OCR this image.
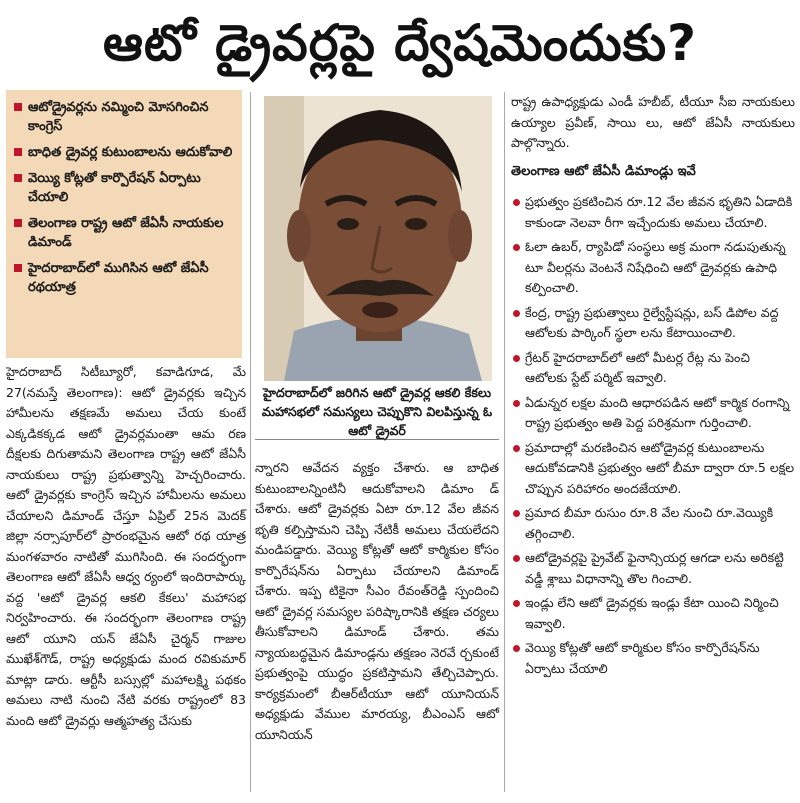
ఆటో డ్రైవర్లపై ద్వేషమెందుకు?
ఆటోడ్రైవర్లను నమ్మించి మోసగించిన కాంగ్రెస్
బాధిత డ్రైవర్ల కుటుంబాలను ఆదుకోవాలి
వెయ్యి కోట్లతో కార్పొరేషన్ ఏర్పాటు చేయాలి
తెలంగాణ రాష్ట్ర ఆటో జేఏసీ నాయకుల డిమాండ్
హైదరాబాద్‌లో ముగిసిన ఆటో జేఏసీ రథయాత్ర
హైదరాబాద్‌లో జరిగిన ఆటో డ్రైవర్ల ఆకలి కేకలు మహాసభలో సమస్యలు చెప్పుకొని విలపిస్తున్న ఓ ఆటో డ్రైవర్
హైదరాబాద్ సిటీబ్యూరో, కవాడిగూడ, మే 27(నమస్తే తెలంగాణ): ఆటో డ్రైవర్లకు ఇచ్చిన హామీలను తక్షణమే అమలు చేయ కుంటే ఎక్కడికక్కడ ఆటో డ్రైవర్లమంతా ఆమ రణ దీక్షలకు దిగుతామని తెలంగాణ రాష్ట్ర ఆటో జేఏసీ నాయకులు రాష్ట్ర ప్రభుత్వాన్ని హెచ్చరించారు. ఆటో డ్రైవర్లకు కాంగ్రెస్ ఇచ్చిన హామీలను అమలు చేయాలని డిమాండ్ చేస్తూ ఏప్రిల్ 25న మెదక్ జిల్లా నర్సాపూర్‌లో ప్రారంభమైన ఆటో రథ యాత్ర మంగళవారం నాటితో ముగిసింది. ఈ సందర్భంగా తెలంగాణ ఆటో జేఏసీ ఆధ్వ ర్యంలో ఇందిరాపార్కు వద్ద 'ఆటో డ్రైవర్ల ఆకలి కేకలు' మహాసభ నిర్వహించారు. ఈ సందర్భంగా తెలంగాణ రాష్ట్ర ఆటో యూని యన్ జేఏసీ చైర్మన్ గాజుల ముఖేశ్‌గౌడ్, రాష్ట్ర అధ్యక్షుడు మంద రవికుమార్ మాట్లా డారు. ఆర్టీసీ బస్సుల్లో మహాలక్ష్మి పథకం అమలు నాటి నుంచి నేటి వరకు రాష్ట్రంలో 83 మంది ఆటో డ్రైవర్లు ఆత్మహత్య చేసుకు
న్నారని ఆవేదన వ్యక్తం చేశారు. ఆ బాధిత కుటుంబాలన్నింటినీ ఆదుకోవాలని డిమాం డ్ చేశారు. ఆటో డ్రైవర్లకు ఏటా రూ.12 వేల జీవన భృతి కల్పిస్తామని చెప్పి నేటికీ అమలు చేయలేదని మండిపడ్డారు. వెయ్యి కోట్లతో ఆటో కార్మికుల కోసం కార్పొరేషన్‌ను ఏర్పాటు చేయాలని డిమాండ్ చేశారు. ఇప్ప టికైనా సీఎం రేవంత్‌రెడ్డి స్పందించి ఆటో డ్రైవర్ల సమస్యల పరిష్కారానికి తక్షణ చర్యలు తీసుకోవాలని డిమాండ్ చేశారు. తమ న్యాయబద్ధమైన డిమాండ్లను తక్షణం నెరవే ర్చకుంటే ప్రభుత్వంపై యుద్ధం ప్రకటిస్తామని తేల్చిచెప్పారు. కార్యక్రమంలో బీఆర్‌టీయూ ఆటో యూనియన్ అధ్యక్షుడు వేముల మారయ్య, బీఎంఎస్ ఆటో యూనియన్
రాష్ట్ర ఉపాధ్యక్షుడు ఎండీ హబీబ్, టీయూ సీఐ నాయకులు ఉయ్యాల ప్రవీణ్, సాయి లు, ఆటో జేఏసీ నాయకులు పాల్గొన్నారు.
తెలంగాణ ఆటో జేఏసీ డిమాండ్లు ఇవే
ప్రభుత్వం ప్రకటించిన రూ.12 వేల జీవన భృతిని ఏడాదికి కాకుండా నెలవా రీగా ఇచ్చేందుకు అమలు చేయాలి.
ఓలా ఉబర్, ర్యాపిడో సంస్థలు అక్ర మంగా నడుపుతున్న టూ వీలర్లను వెంటనే నిషేధించి ఆటో డ్రైవర్లకు ఉపాధి కల్పించాలి.
కేంద్ర, రాష్ట్ర ప్రభుత్వాలు రైల్వేస్టేషన్లు, బస్ డిపోల వద్ద ఆటోలకు పార్కింగ్ స్థలా లను కేటాయించాలి.
గ్రేటర్ హైదరాబాద్‌లో ఆటో మీటర్ల రేట్ల ను పెంచి ఆటోలకు స్టేట్ పర్మిట్ ఇవ్వాలి.
ఏడున్నర లక్షల మంది ఆధారపడిన ఆటో కార్మిక రంగాన్ని రాష్ట్ర ప్రభుత్వం అతి పెద్ద పరిశ్రమగా గుర్తించాలి.
ప్రమాదాల్లో మరణించిన ఆటోడ్రైవర్ల కుటుంబాలను ఆదుకోవడానికి ప్రభుత్వం ఆటో బీమా ద్వారా రూ.5 లక్షల చొప్పున పరిహారం అందజేయాలి.
ప్రమాద బీమా రుసుం రూ.8 వేల నుంచి రూ.వెయ్యికి తగ్గించాలి.
ఆటోడ్రైవర్లపై ప్రైవేట్ ఫైనాన్సియర్ల ఆగడా లను అరికట్టి వడ్డీ శ్లాబు విధానాన్ని తొల గించాలి.
ఇండ్లు లేని ఆటో డ్రైవర్లకు ఇండ్లు కేటా యించి నిర్మించి ఇవ్వాలి.
వెయ్యి కోట్లతో ఆటో కార్మికుల కోసం కార్పొరేషన్‌ను ఏర్పాటు చేయాలి
